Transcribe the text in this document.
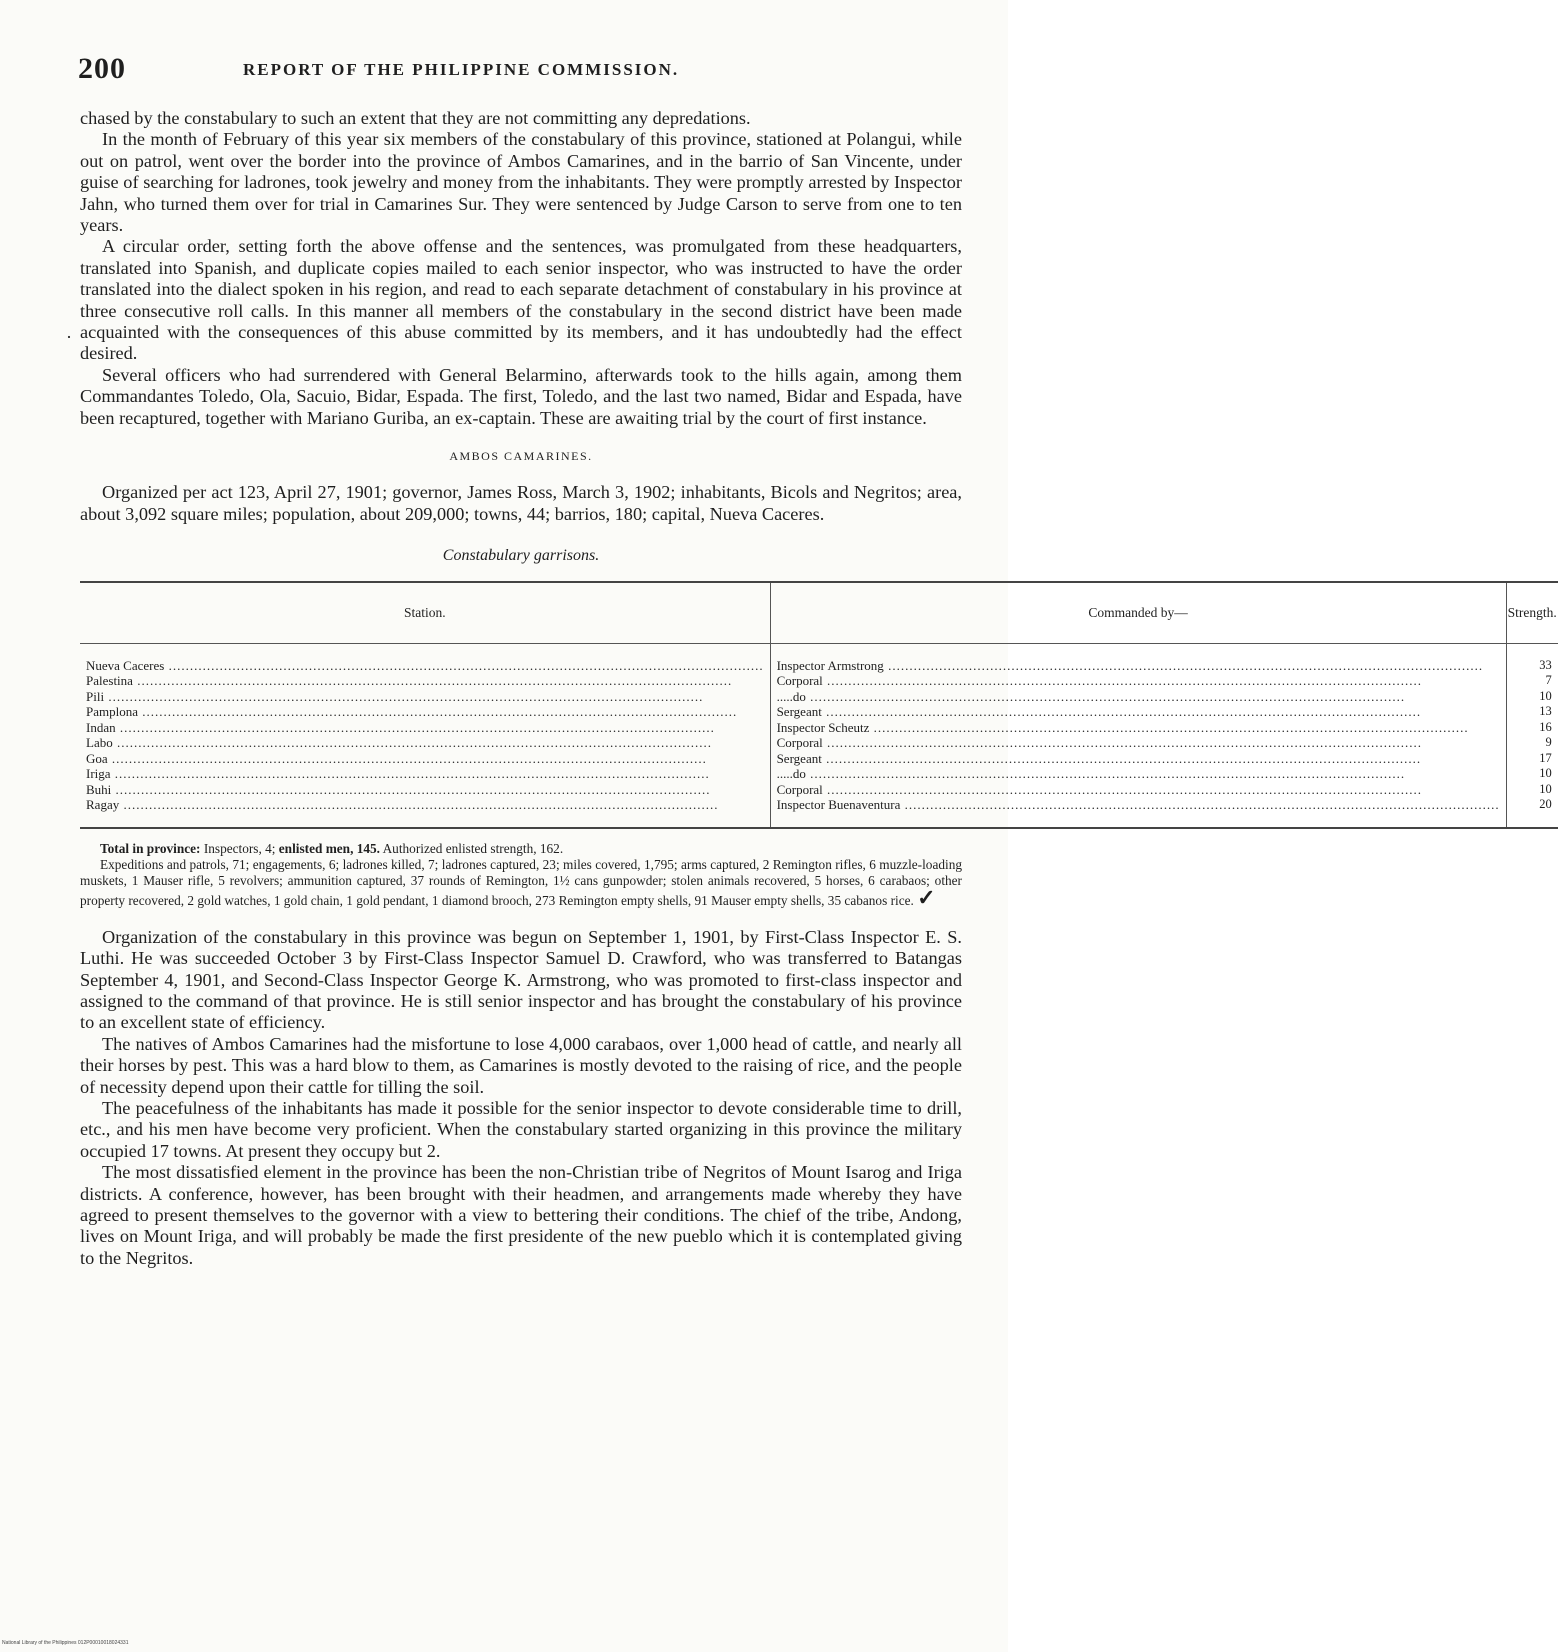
200	REPORT OF THE PHILIPPINE COMMISSION.
·

chased by the constabulary to such an extent that they are not committing any depredations.

In the month of February of this year six members of the constabulary of this province, stationed at Polangui, while out on patrol, went over the border into the province of Ambos Camarines, and in the barrio of San Vincente, under guise of searching for ladrones, took jewelry and money from the inhabitants. They were promptly arrested by Inspector Jahn, who turned them over for trial in Camarines Sur. They were sentenced by Judge Carson to serve from one to ten years.

A circular order, setting forth the above offense and the sentences, was promulgated from these headquarters, translated into Spanish, and duplicate copies mailed to each senior inspector, who was instructed to have the order translated into the dialect spoken in his region, and read to each separate detachment of constabulary in his province at three consecutive roll calls. In this manner all members of the constabulary in the second district have been made acquainted with the consequences of this abuse committed by its members, and it has undoubtedly had the effect desired.

Several officers who had surrendered with General Belarmino, afterwards took to the hills again, among them Commandantes Toledo, Ola, Sacuio, Bidar, Espada. The first, Toledo, and the last two named, Bidar and Espada, have been recaptured, together with Mariano Guriba, an ex-captain. These are awaiting trial by the court of first instance.

AMBOS CAMARINES.

Organized per act 123, April 27, 1901; governor, James Ross, March 3, 1902; inhabitants, Bicols and Negritos; area, about 3,092 square miles; population, about 209,000; towns, 44; barrios, 180; capital, Nueva Caceres.

Constabulary garrisons.
Station.	Commanded by—	Strength.
Nueva Caceres .....	Inspector Armstrong .....	33
Palestina .....	Corporal .....	7
Pili .....	.....do .....	10
Pamplona .....	Sergeant .....	13
Indan .....	Inspector Scheutz .....	16
Labo .....	Corporal .....	9
Goa .....	Sergeant .....	17
Iriga .....	.....do .....	10
Buhi .....	Corporal .....	10
Ragay .....	Inspector Buenaventura .....	20
Total in province: Inspectors, 4; enlisted men, 145. Authorized enlisted strength, 162.
Expeditions and patrols, 71; engagements, 6; ladrones killed, 7; ladrones captured, 23; miles covered, 1,795; arms captured, 2 Remington rifles, 6 muzzle-loading muskets, 1 Mauser rifle, 5 revolvers; ammunition captured, 37 rounds of Remington, 1½ cans gunpowder; stolen animals recovered, 5 horses, 6 carabaos; other property recovered, 2 gold watches, 1 gold chain, 1 gold pendant, 1 diamond brooch, 273 Remington empty shells, 91 Mauser empty shells, 35 cabanos rice. ✓

Organization of the constabulary in this province was begun on September 1, 1901, by First-Class Inspector E. S. Luthi. He was succeeded October 3 by First-Class Inspector Samuel D. Crawford, who was transferred to Batangas September 4, 1901, and Second-Class Inspector George K. Armstrong, who was promoted to first-class inspector and assigned to the command of that province. He is still senior inspector and has brought the constabulary of his province to an excellent state of efficiency.

The natives of Ambos Camarines had the misfortune to lose 4,000 carabaos, over 1,000 head of cattle, and nearly all their horses by pest. This was a hard blow to them, as Camarines is mostly devoted to the raising of rice, and the people of necessity depend upon their cattle for tilling the soil.

The peacefulness of the inhabitants has made it possible for the senior inspector to devote considerable time to drill, etc., and his men have become very proficient. When the constabulary started organizing in this province the military occupied 17 towns. At present they occupy but 2.

The most dissatisfied element in the province has been the non-Christian tribe of Negritos of Mount Isarog and Iriga districts. A conference, however, has been brought with their headmen, and arrangements made whereby they have agreed to present themselves to the governor with a view to bettering their conditions. The chief of the tribe, Andong, lives on Mount Iriga, and will probably be made the first presidente of the new pueblo which it is contemplated giving to the Negritos.

National Library of the Philippines 012P00010018024331
